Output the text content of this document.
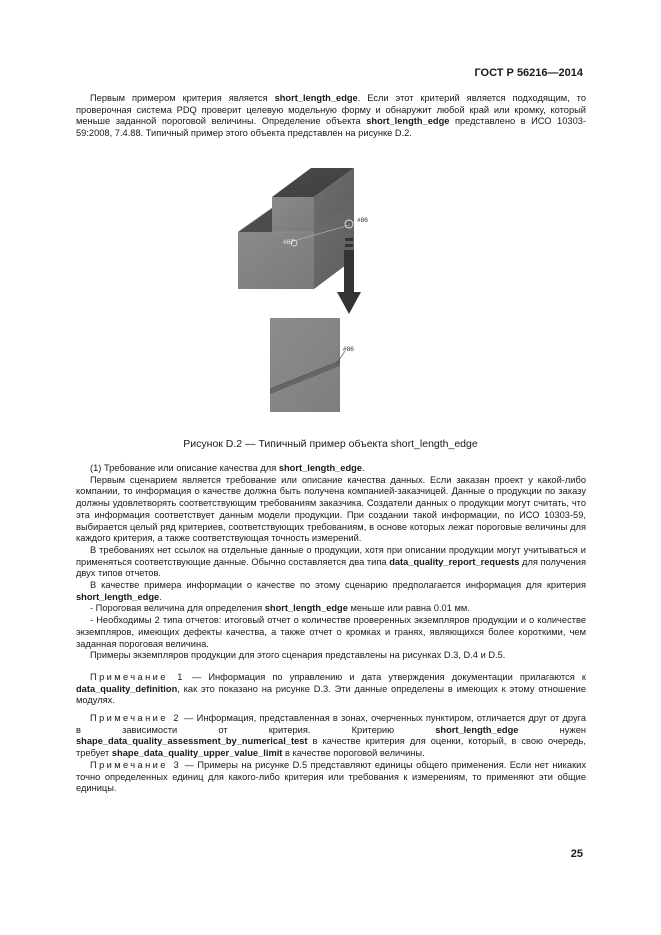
ГОСТ Р 56216—2014

Первым примером критерия является short_length_edge. Если этот критерий является подходящим, то проверочная система PDQ проверит целевую модельную форму и обнаружит любой край или кромку, который меньше заданной пороговой величины. Определение объекта short_length_edge представлено в ИСО 10303-59:2008, 7.4.88. Типичный пример этого объекта представлен на рисунке D.2.

#86
#87
#86
Рисунок D.2 — Типичный пример объекта short_length_edge

(1) Требование или описание качества для short_length_edge.

Первым сценарием является требование или описание качества данных. Если заказан проект у какой-либо компании, то информация о качестве должна быть получена компанией-заказчицей. Данные о продукции по заказу должны удовлетворять соответствующим требованиям заказчика. Создатели данных о продукции могут считать, что эта информация соответствует данным модели продукции. При создании такой информации, по ИСО 10303-59, выбирается целый ряд критериев, соответствующих требованиям, в основе которых лежат пороговые величины для каждого критерия, а также соответствующая точность измерений.

В требованиях нет ссылок на отдельные данные о продукции, хотя при описании продукции могут учитываться и применяться соответствующие данные. Обычно составляется два типа data_quality_report_requests для получения двух типов отчетов.

В качестве примера информации о качестве по этому сценарию предполагается информация для критерия short_length_edge.

- Пороговая величина для определения short_length_edge меньше или равна 0.01 мм.

- Необходимы 2 типа отчетов: итоговый отчет о количестве проверенных экземпляров продукции и о количестве экземпляров, имеющих дефекты качества, а также отчет о кромках и гранях, являющихся более короткими, чем заданная пороговая величина.

Примеры экземпляров продукции для этого сценария представлены на рисунках D.3, D.4 и D.5.

Примечание 1 — Информация по управлению и дата утверждения документации прилагаются к data_quality_definition, как это показано на рисунке D.3. Эти данные определены в имеющих к этому отношение модулях.

Примечание 2 — Информация, представленная в зонах, очерченных пунктиром, отличается друг от друга в зависимости от критерия. Критерию short_length_edge нужен shape_data_quality_assessment_by_numerical_test в качестве критерия для оценки, который, в свою очередь, требует shape_data_quality_upper_value_limit в качестве пороговой величины.

Примечание 3 — Примеры на рисунке D.5 представляют единицы общего применения. Если нет никаких точно определенных единиц для какого-либо критерия или требования к измерениям, то применяют эти общие единицы.

25
